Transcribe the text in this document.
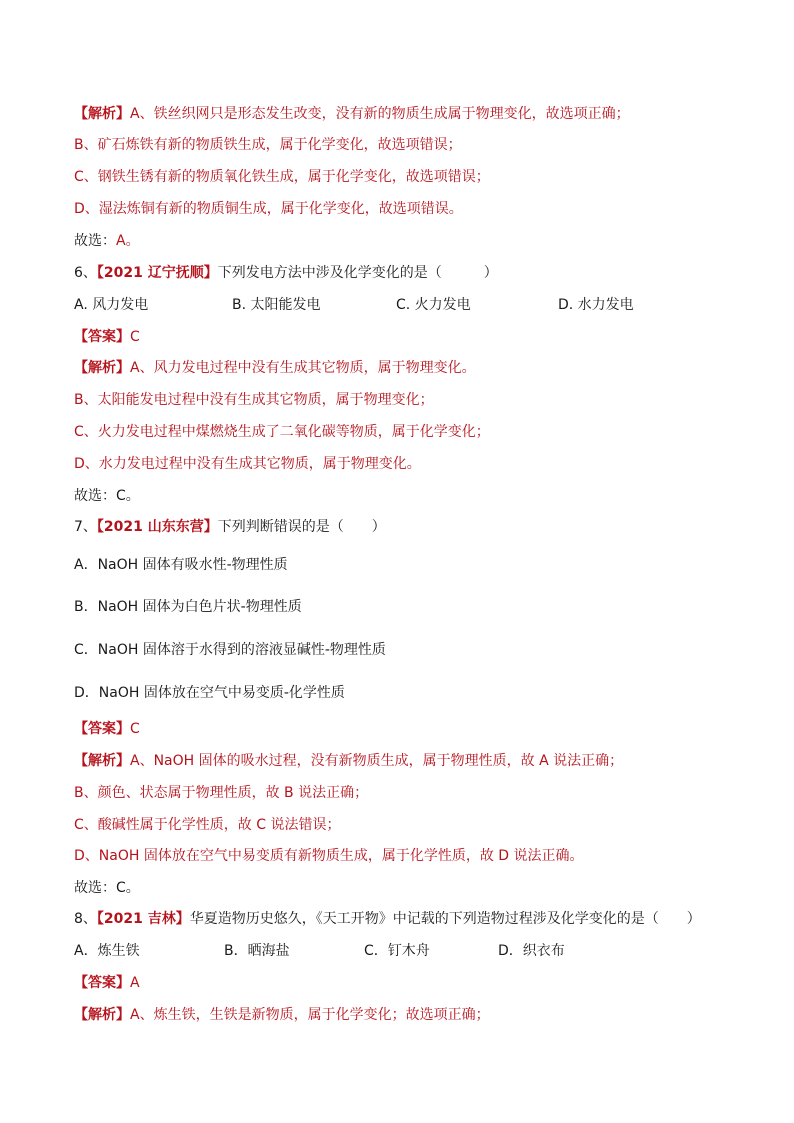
【解析】A、铁丝织网只是形态发生改变，没有新的物质生成属于物理变化，故选项正确；
B、矿石炼铁有新的物质铁生成，属于化学变化，故选项错误；
C、钢铁生锈有新的物质氧化铁生成，属于化学变化，故选项错误；
D、湿法炼铜有新的物质铜生成，属于化学变化，故选项错误。
故选：A。
6、【2021 辽宁抚顺】下列发电方法中涉及化学变化的是（　　　）
A. 风力发电	B. 太阳能发电	C. 火力发电	D. 水力发电
【答案】C
【解析】A、风力发电过程中没有生成其它物质，属于物理变化。
B、太阳能发电过程中没有生成其它物质，属于物理变化；
C、火力发电过程中煤燃烧生成了二氧化碳等物质，属于化学变化；
D、水力发电过程中没有生成其它物质，属于物理变化。
故选：C。
7、【2021 山东东营】下列判断错误的是（　　）
A．NaOH 固体有吸水性-物理性质
B．NaOH 固体为白色片状-物理性质
C．NaOH 固体溶于水得到的溶液显碱性-物理性质
D．NaOH 固体放在空气中易变质-化学性质
【答案】C
【解析】A、NaOH 固体的吸水过程，没有新物质生成，属于物理性质，故 A 说法正确；
B、颜色、状态属于物理性质，故 B 说法正确；
C、酸碱性属于化学性质，故 C 说法错误；
D、NaOH 固体放在空气中易变质有新物质生成，属于化学性质，故 D 说法正确。
故选：C。
8、【2021 吉林】华夏造物历史悠久，《天工开物》中记载的下列造物过程涉及化学变化的是（　　）
A．炼生铁	B．晒海盐	C．钉木舟	D．织衣布
【答案】A
【解析】A、炼生铁，生铁是新物质，属于化学变化；故选项正确；
